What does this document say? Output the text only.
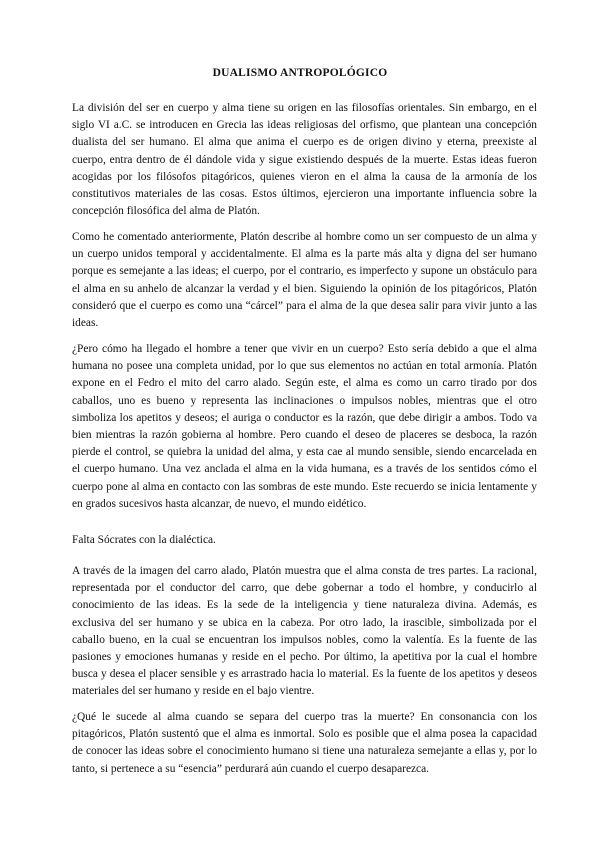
DUALISMO ANTROPOLÓGICO

La división del ser en cuerpo y alma tiene su origen en las filosofías orientales. Sin embargo, en el siglo VI a.C. se introducen en Grecia las ideas religiosas del orfismo, que plantean una concepción dualista del ser humano. El alma que anima el cuerpo es de origen divino y eterna, preexiste al cuerpo, entra dentro de él dándole vida y sigue existiendo después de la muerte. Estas ideas fueron acogidas por los filósofos pitagóricos, quienes vieron en el alma la causa de la armonía de los constitutivos materiales de las cosas. Estos últimos, ejercieron una importante influencia sobre la concepción filosófica del alma de Platón.

Como he comentado anteriormente, Platón describe al hombre como un ser compuesto de un alma y un cuerpo unidos temporal y accidentalmente. El alma es la parte más alta y digna del ser humano porque es semejante a las ideas; el cuerpo, por el contrario, es imperfecto y supone un obstáculo para el alma en su anhelo de alcanzar la verdad y el bien. Siguiendo la opinión de los pitagóricos, Platón consideró que el cuerpo es como una “cárcel” para el alma de la que desea salir para vivir junto a las ideas.

¿Pero cómo ha llegado el hombre a tener que vivir en un cuerpo? Esto sería debido a que el alma humana no posee una completa unidad, por lo que sus elementos no actúan en total armonía. Platón expone en el Fedro el mito del carro alado. Según este, el alma es como un carro tirado por dos caballos, uno es bueno y representa las inclinaciones o impulsos nobles, mientras que el otro simboliza los apetitos y deseos; el auriga o conductor es la razón, que debe dirigir a ambos. Todo va bien mientras la razón gobierna al hombre. Pero cuando el deseo de placeres se desboca, la razón pierde el control, se quiebra la unidad del alma, y esta cae al mundo sensible, siendo encarcelada en el cuerpo humano. Una vez anclada el alma en la vida humana, es a través de los sentidos cómo el cuerpo pone al alma en contacto con las sombras de este mundo. Este recuerdo se inicia lentamente y en grados sucesivos hasta alcanzar, de nuevo, el mundo eidético.

Falta Sócrates con la dialéctica.

A través de la imagen del carro alado, Platón muestra que el alma consta de tres partes. La racional, representada por el conductor del carro, que debe gobernar a todo el hombre, y conducirlo al conocimiento de las ideas. Es la sede de la inteligencia y tiene naturaleza divina. Además, es exclusiva del ser humano y se ubica en la cabeza. Por otro lado, la irascible, simbolizada por el caballo bueno, en la cual se encuentran los impulsos nobles, como la valentía. Es la fuente de las pasiones y emociones humanas y reside en el pecho. Por último, la apetitiva por la cual el hombre busca y desea el placer sensible y es arrastrado hacia lo material. Es la fuente de los apetitos y deseos materiales del ser humano y reside en el bajo vientre.

¿Qué le sucede al alma cuando se separa del cuerpo tras la muerte? En consonancia con los pitagóricos, Platón sustentó que el alma es inmortal. Solo es posible que el alma posea la capacidad de conocer las ideas sobre el conocimiento humano si tiene una naturaleza semejante a ellas y, por lo tanto, si pertenece a su “esencia” perdurará aún cuando el cuerpo desaparezca.
